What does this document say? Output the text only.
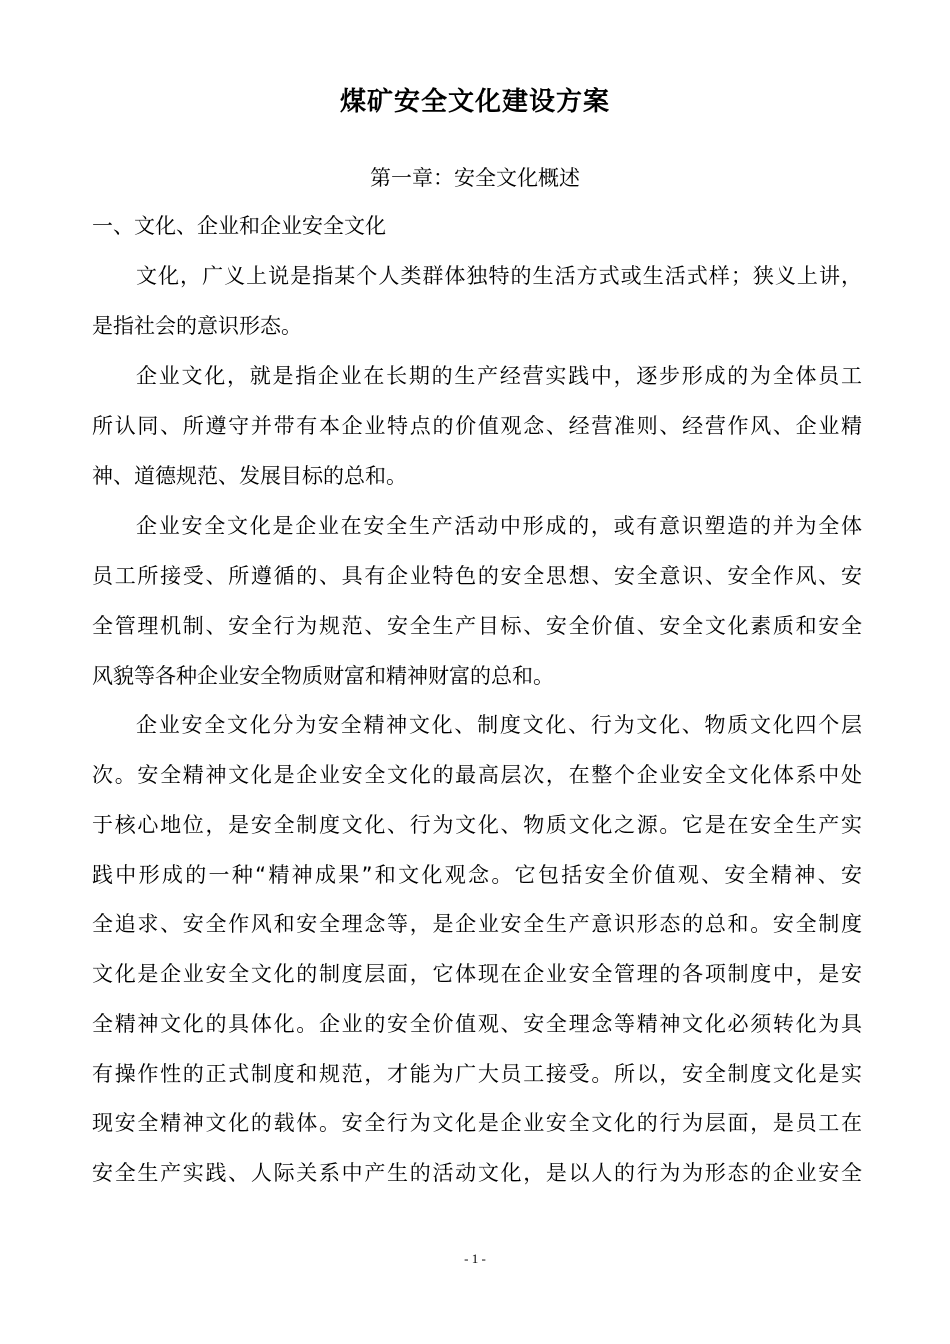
煤矿安全文化建设方案
第一章：安全文化概述
一、文化、企业和企业安全文化
文化，广义上说是指某个人类群体独特的生活方式或生活式样；狭义上讲，
是指社会的意识形态。
企业文化，就是指企业在长期的生产经营实践中，逐步形成的为全体员工
所认同、所遵守并带有本企业特点的价值观念、经营准则、经营作风、企业精
神、道德规范、发展目标的总和。
企业安全文化是企业在安全生产活动中形成的，或有意识塑造的并为全体
员工所接受、所遵循的、具有企业特色的安全思想、安全意识、安全作风、安
全管理机制、安全行为规范、安全生产目标、安全价值、安全文化素质和安全
风貌等各种企业安全物质财富和精神财富的总和。
企业安全文化分为安全精神文化、制度文化、行为文化、物质文化四个层
次。安全精神文化是企业安全文化的最高层次，在整个企业安全文化体系中处
于核心地位，是安全制度文化、行为文化、物质文化之源。它是在安全生产实
践中形成的一种“精神成果”和文化观念。它包括安全价值观、安全精神、安
全追求、安全作风和安全理念等，是企业安全生产意识形态的总和。安全制度
文化是企业安全文化的制度层面，它体现在企业安全管理的各项制度中，是安
全精神文化的具体化。企业的安全价值观、安全理念等精神文化必须转化为具
有操作性的正式制度和规范，才能为广大员工接受。所以，安全制度文化是实
现安全精神文化的载体。安全行为文化是企业安全文化的行为层面，是员工在
安全生产实践、人际关系中产生的活动文化，是以人的行为为形态的企业安全
- 1 -
